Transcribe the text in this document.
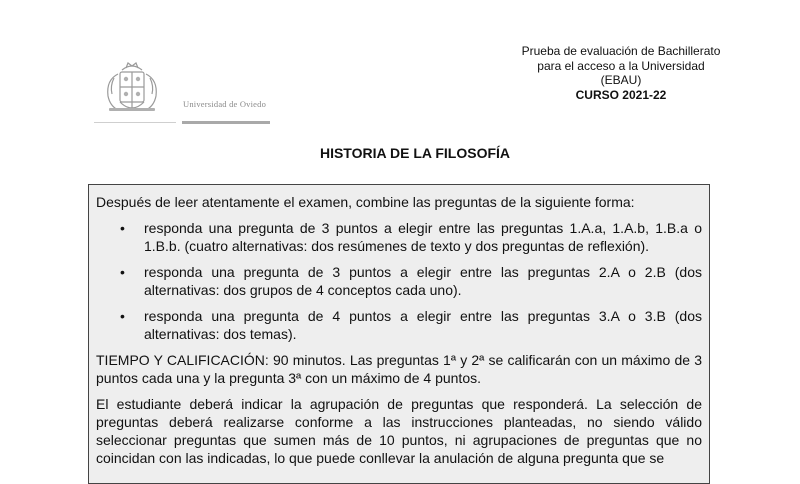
Universidad de Oviedo
Prueba de evaluación de Bachillerato
para el acceso a la Universidad
(EBAU)
CURSO 2021-22
HISTORIA DE LA FILOSOFÍA

Después de leer atentamente el examen, combine las preguntas de la siguiente forma:

• responda una pregunta de 3 puntos a elegir entre las preguntas 1.A.a, 1.A.b, 1.B.a o 1.B.b. (cuatro alternativas: dos resúmenes de texto y dos preguntas de reflexión).
• responda una pregunta de 3 puntos a elegir entre las preguntas 2.A o 2.B (dos alternativas: dos grupos de 4 conceptos cada uno).
• responda una pregunta de 4 puntos a elegir entre las preguntas 3.A o 3.B (dos alternativas: dos temas).

TIEMPO Y CALIFICACIÓN: 90 minutos. Las preguntas 1ª y 2ª se calificarán con un máximo de 3 puntos cada una y la pregunta 3ª con un máximo de 4 puntos.

El estudiante deberá indicar la agrupación de preguntas que responderá. La selección de preguntas deberá realizarse conforme a las instrucciones planteadas, no siendo válido seleccionar preguntas que sumen más de 10 puntos, ni agrupaciones de preguntas que no coincidan con las indicadas, lo que puede conllevar la anulación de alguna pregunta que se
